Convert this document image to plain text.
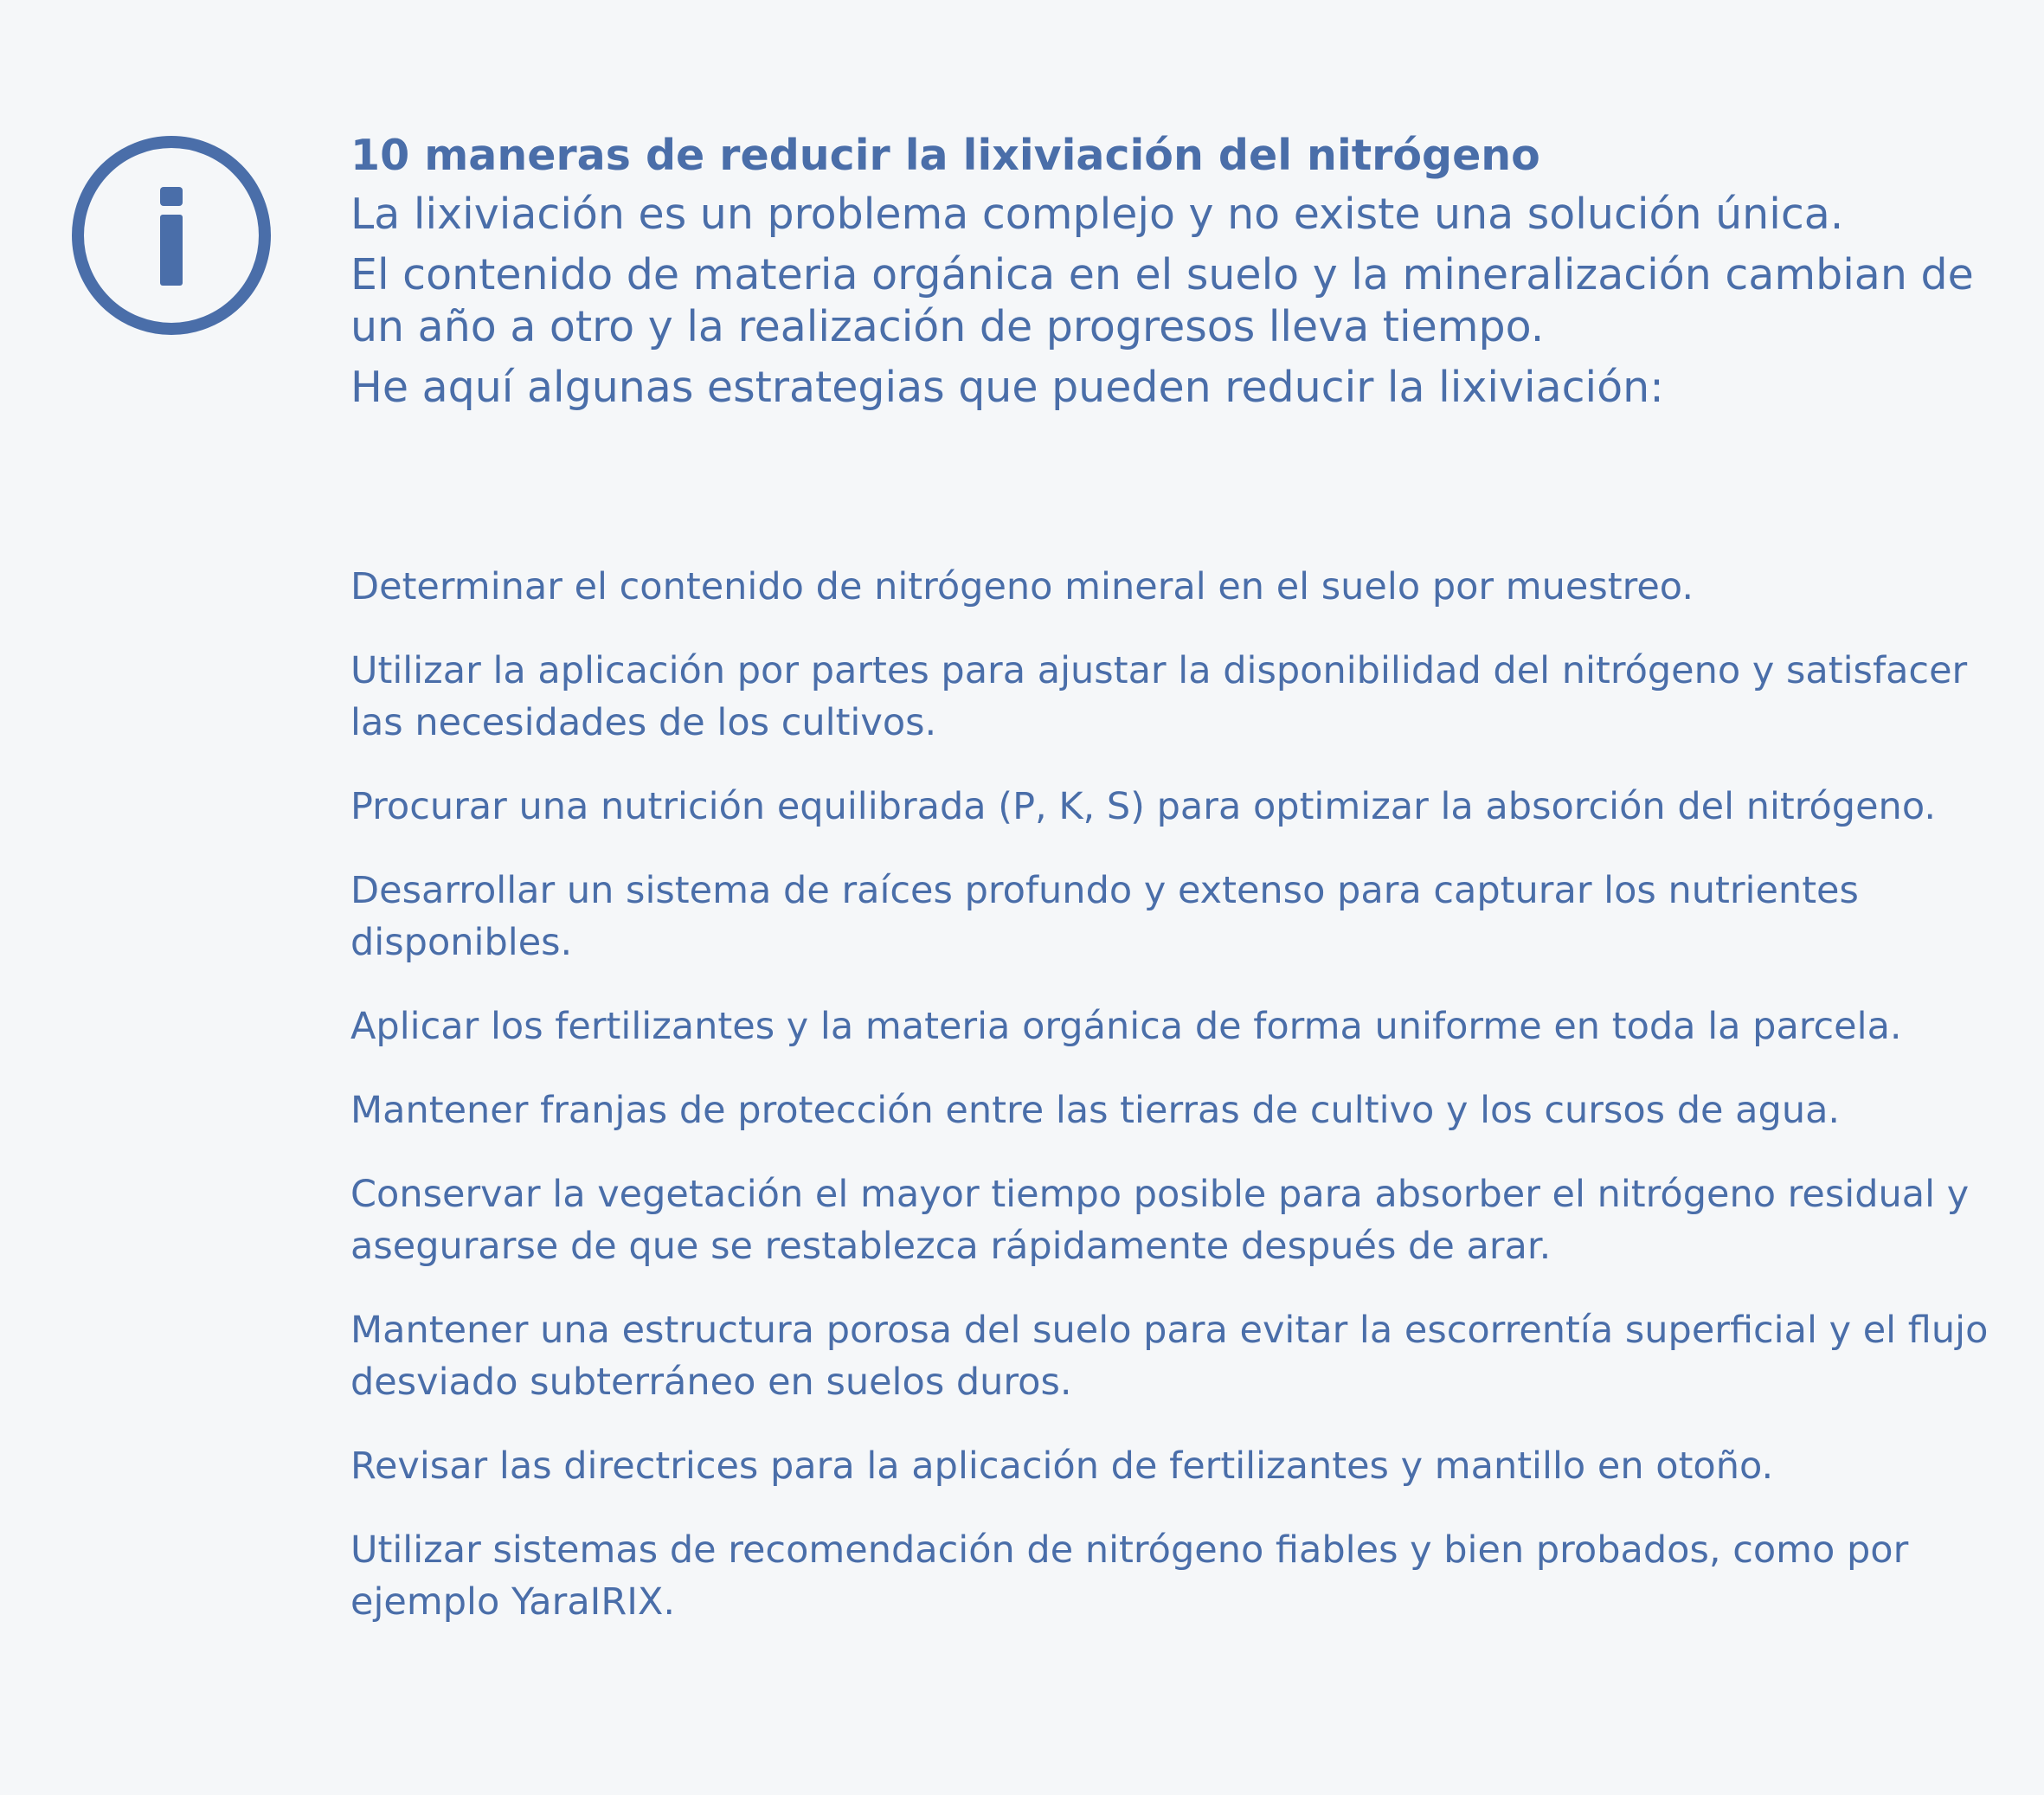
10 maneras de reducir la lixiviación del nitrógeno

La lixiviación es un problema complejo y no existe una solución única.

El contenido de materia orgánica en el suelo y la mineralización cambian de un año a otro y la realización de progresos lleva tiempo.

He aquí algunas estrategias que pueden reducir la lixiviación:

Determinar el contenido de nitrógeno mineral en el suelo por muestreo.
Utilizar la aplicación por partes para ajustar la disponibilidad del nitrógeno y satisfacer las necesidades de los cultivos.
Procurar una nutrición equilibrada (P, K, S) para optimizar la absorción del nitrógeno.
Desarrollar un sistema de raíces profundo y extenso para capturar los nutrientes disponibles.
Aplicar los fertilizantes y la materia orgánica de forma uniforme en toda la parcela.
Mantener franjas de protección entre las tierras de cultivo y los cursos de agua.
Conservar la vegetación el mayor tiempo posible para absorber el nitrógeno residual y asegurarse de que se restablezca rápidamente después de arar.
Mantener una estructura porosa del suelo para evitar la escorrentía superficial y el flujo desviado subterráneo en suelos duros.
Revisar las directrices para la aplicación de fertilizantes y mantillo en otoño.
Utilizar sistemas de recomendación de nitrógeno fiables y bien probados, como por ejemplo YaraIRIX.
